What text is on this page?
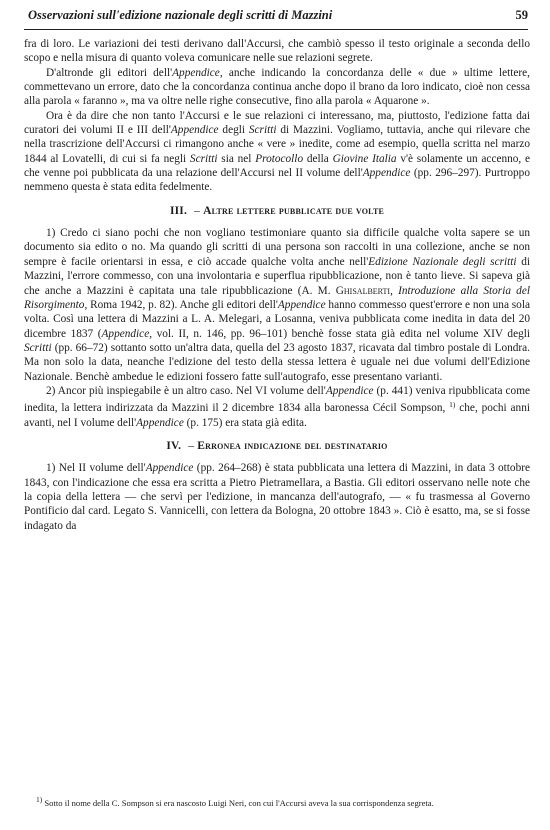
Osservazioni sull'edizione nazionale degli scritti di Mazzini	59

fra di loro. Le variazioni dei testi derivano dall'Accursi, che cambiò spesso il testo originale a seconda dello scopo e nella misura di quanto voleva comunicare nelle sue relazioni segrete.

D'altronde gli editori dell'Appendice, anche indicando la concordanza delle « due » ultime lettere, commettevano un errore, dato che la concordanza continua anche dopo il brano da loro indicato, cioè non cessa alla parola « faranno », ma va oltre nelle righe consecutive, fino alla parola « Aquarone ».

Ora è da dire che non tanto l'Accursi e le sue relazioni ci interessano, ma, piuttosto, l'edizione fatta dai curatori dei volumi II e III dell'Appendice degli Scritti di Mazzini. Vogliamo, tuttavia, anche qui rilevare che nella trascrizione dell'Accursi ci rimangono anche « vere » inedite, come ad esempio, quella scritta nel marzo 1844 al Lovatelli, di cui si fa negli Scritti sia nel Protocollo della Giovine Italia v'è solamente un accenno, e che venne poi pubblicata da una relazione dell'Accursi nel II volume dell'Appendice (pp. 296–297). Purtroppo nemmeno questa è stata edita fedelmente.

III. – Altre lettere pubblicate due volte

1) Credo ci siano pochi che non vogliano testimoniare quanto sia difficile qualche volta sapere se un documento sia edito o no. Ma quando gli scritti di una persona son raccolti in una collezione, anche se non sempre è facile orientarsi in essa, e ciò accade qualche volta anche nell'Edizione Nazionale degli scritti di Mazzini, l'errore commesso, con una involontaria e superflua ripubblicazione, non è tanto lieve. Si sapeva già che anche a Mazzini è capitata una tale ripubblicazione (A. M. Ghisalberti, Introduzione alla Storia del Risorgimento, Roma 1942, p. 82). Anche gli editori dell'Appendice hanno commesso quest'errore e non una sola volta. Così una lettera di Mazzini a L. A. Melegari, a Losanna, veniva pubblicata come inedita in data del 20 dicembre 1837 (Appendice, vol. II, n. 146, pp. 96–101) benchè fosse stata già edita nel volume XIV degli Scritti (pp. 66–72) sottanto sotto un'altra data, quella del 23 agosto 1837, ricavata dal timbro postale di Londra. Ma non solo la data, neanche l'edizione del testo della stessa lettera è uguale nei due volumi dell'Edizione Nazionale. Benchè ambedue le edizioni fossero fatte sull'autografo, esse presentano varianti.

2) Ancor più inspiegabile è un altro caso. Nel VI volume dell'Appendice (p. 441) veniva ripubblicata come inedita, la lettera indirizzata da Mazzini il 2 dicembre 1834 alla baronessa Cécil Sompson, $^{1)}$ che, pochi anni avanti, nel I volume dell'Appendice (p. 175) era stata già edita.

IV. – Erronea indicazione del destinatario

1) Nel II volume dell'Appendice (pp. 264–268) è stata pubblicata una lettera di Mazzini, in data 3 ottobre 1843, con l'indicazione che essa era scritta a Pietro Pietramellara, a Bastia. Gli editori osservano nelle note che la copia della lettera — che servì per l'edizione, in mancanza dell'autografo, — « fu trasmessa al Governo Pontificio dal card. Legato S. Vannicelli, con lettera da Bologna, 20 ottobre 1843 ». Ciò è esatto, ma, se si fosse indagato da

1) Sotto il nome della C. Sompson si era nascosto Luigi Neri, con cui l'Accursi aveva la sua corrispondenza segreta.
